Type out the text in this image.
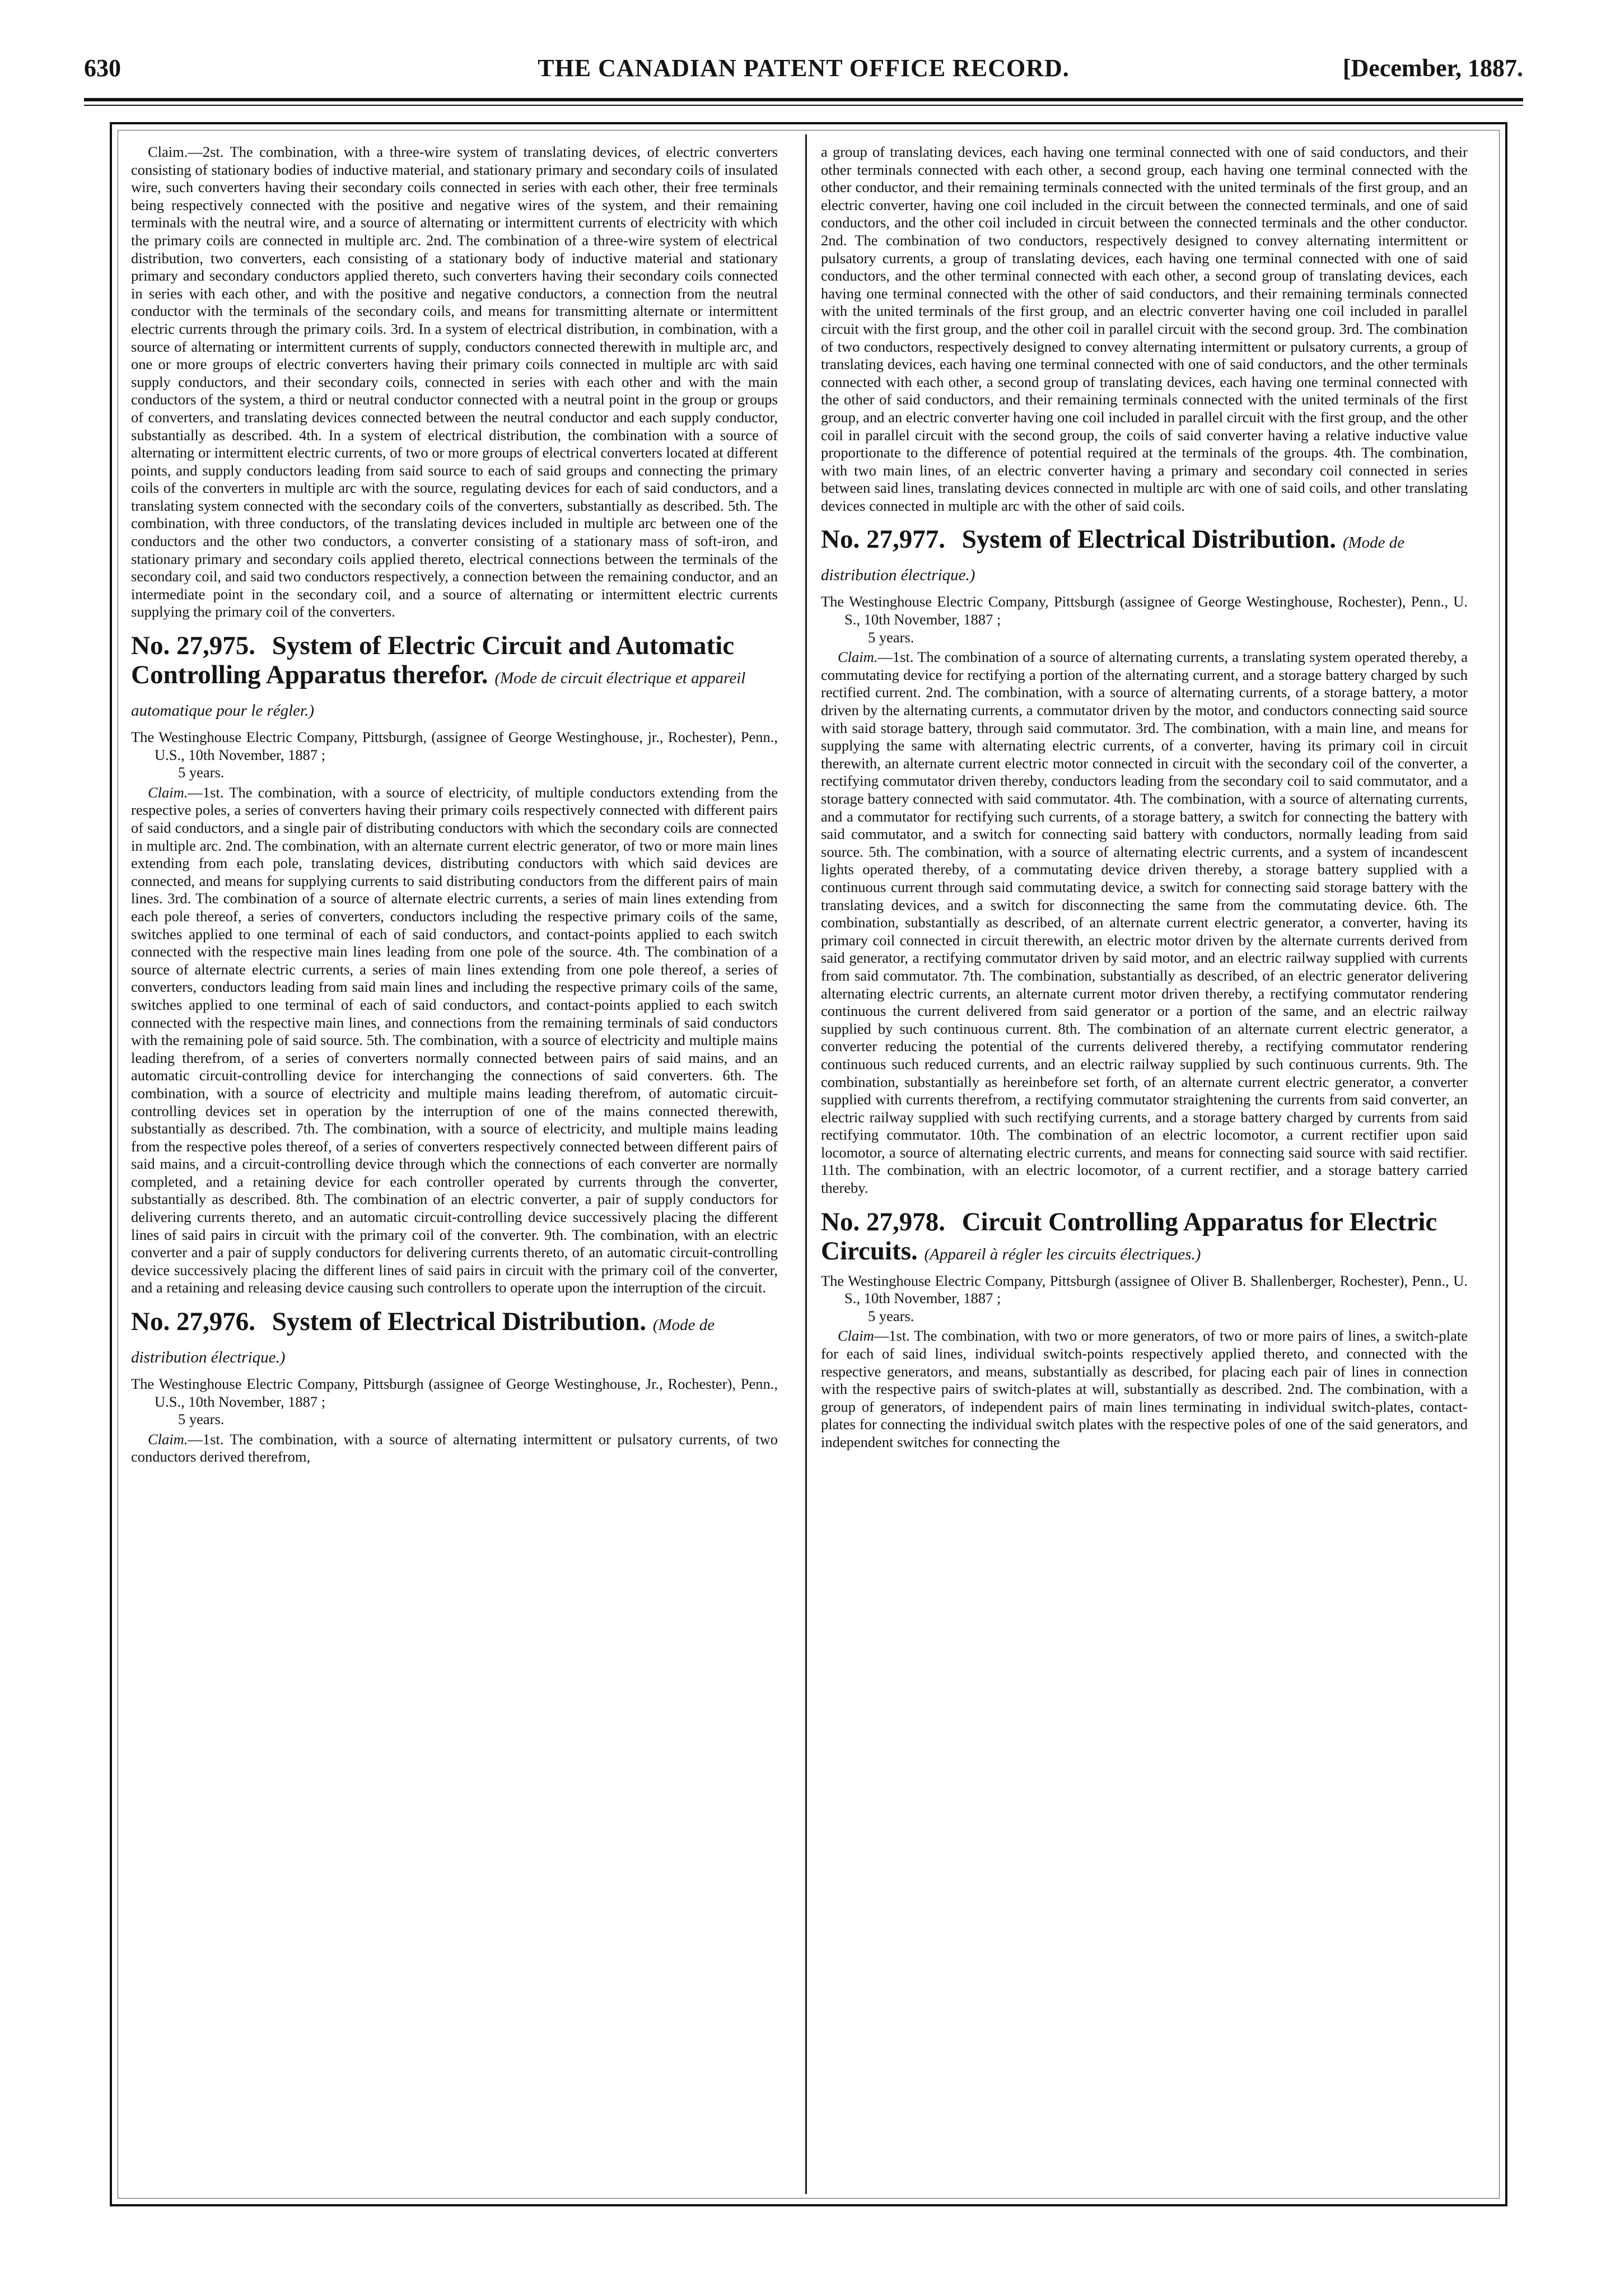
630	THE CANADIAN PATENT OFFICE RECORD.	[December, 1887.

Claim.—2st. The combination, with a three-wire system of translating devices, of electric converters consisting of stationary bodies of inductive material, and stationary primary and secondary coils of insulated wire, such converters having their secondary coils connected in series with each other, their free terminals being respectively connected with the positive and negative wires of the system, and their remaining terminals with the neutral wire, and a source of alternating or intermittent currents of electricity with which the primary coils are connected in multiple arc. 2nd. The combination of a three-wire system of electrical distribution, two converters, each consisting of a stationary body of inductive material and stationary primary and secondary conductors applied thereto, such converters having their secondary coils connected in series with each other, and with the positive and negative conductors, a connection from the neutral conductor with the terminals of the secondary coils, and means for transmitting alternate or intermittent electric currents through the primary coils. 3rd. In a system of electrical distribution, in combination, with a source of alternating or intermittent currents of supply, conductors connected therewith in multiple arc, and one or more groups of electric converters having their primary coils connected in multiple arc with said supply conductors, and their secondary coils, connected in series with each other and with the main conductors of the system, a third or neutral conductor connected with a neutral point in the group or groups of converters, and translating devices connected between the neutral conductor and each supply conductor, substantially as described. 4th. In a system of electrical distribution, the combination with a source of alternating or intermittent electric currents, of two or more groups of electrical converters located at different points, and supply conductors leading from said source to each of said groups and connecting the primary coils of the converters in multiple arc with the source, regulating devices for each of said conductors, and a translating system connected with the secondary coils of the converters, substantially as described. 5th. The combination, with three conductors, of the translating devices included in multiple arc between one of the conductors and the other two conductors, a converter consisting of a stationary mass of soft-iron, and stationary primary and secondary coils applied thereto, electrical connections between the terminals of the secondary coil, and said two conductors respectively, a connection between the remaining conductor, and an intermediate point in the secondary coil, and a source of alternating or intermittent electric currents supplying the primary coil of the converters.

No. 27,975. System of Electric Circuit and Automatic Controlling Apparatus therefor. (Mode de circuit électrique et appareil automatique pour le régler.)
The Westinghouse Electric Company, Pittsburgh, (assignee of George Westinghouse, jr., Rochester), Penn., U.S., 10th November, 1887 ;
5 years.

Claim.—1st. The combination, with a source of electricity, of multiple conductors extending from the respective poles, a series of converters having their primary coils respectively connected with different pairs of said conductors, and a single pair of distributing conductors with which the secondary coils are connected in multiple arc. 2nd. The combination, with an alternate current electric generator, of two or more main lines extending from each pole, translating devices, distributing conductors with which said devices are connected, and means for supplying currents to said distributing conductors from the different pairs of main lines. 3rd. The combination of a source of alternate electric currents, a series of main lines extending from each pole thereof, a series of converters, conductors including the respective primary coils of the same, switches applied to one terminal of each of said conductors, and contact-points applied to each switch connected with the respective main lines leading from one pole of the source. 4th. The combination of a source of alternate electric currents, a series of main lines extending from one pole thereof, a series of converters, conductors leading from said main lines and including the respective primary coils of the same, switches applied to one terminal of each of said conductors, and contact-points applied to each switch connected with the respective main lines, and connections from the remaining terminals of said conductors with the remaining pole of said source. 5th. The combination, with a source of electricity and multiple mains leading therefrom, of a series of converters normally connected between pairs of said mains, and an automatic circuit-controlling device for interchanging the connections of said converters. 6th. The combination, with a source of electricity and multiple mains leading therefrom, of automatic circuit-controlling devices set in operation by the interruption of one of the mains connected therewith, substantially as described. 7th. The combination, with a source of electricity, and multiple mains leading from the respective poles thereof, of a series of converters respectively connected between different pairs of said mains, and a circuit-controlling device through which the connections of each converter are normally completed, and a retaining device for each controller operated by currents through the converter, substantially as described. 8th. The combination of an electric converter, a pair of supply conductors for delivering currents thereto, and an automatic circuit-controlling device successively placing the different lines of said pairs in circuit with the primary coil of the converter. 9th. The combination, with an electric converter and a pair of supply conductors for delivering currents thereto, of an automatic circuit-controlling device successively placing the different lines of said pairs in circuit with the primary coil of the converter, and a retaining and releasing device causing such controllers to operate upon the interruption of the circuit.

No. 27,976. System of Electrical Distribution. (Mode de distribution électrique.)
The Westinghouse Electric Company, Pittsburgh (assignee of George Westinghouse, Jr., Rochester), Penn., U.S., 10th November, 1887 ;
5 years.

Claim.—1st. The combination, with a source of alternating intermittent or pulsatory currents, of two conductors derived therefrom,

a group of translating devices, each having one terminal connected with one of said conductors, and their other terminals connected with each other, a second group, each having one terminal connected with the other conductor, and their remaining terminals connected with the united terminals of the first group, and an electric converter, having one coil included in the circuit between the connected terminals, and one of said conductors, and the other coil included in circuit between the connected terminals and the other conductor. 2nd. The combination of two conductors, respectively designed to convey alternating intermittent or pulsatory currents, a group of translating devices, each having one terminal connected with one of said conductors, and the other terminal connected with each other, a second group of translating devices, each having one terminal connected with the other of said conductors, and their remaining terminals connected with the united terminals of the first group, and an electric converter having one coil included in parallel circuit with the first group, and the other coil in parallel circuit with the second group. 3rd. The combination of two conductors, respectively designed to convey alternating intermittent or pulsatory currents, a group of translating devices, each having one terminal connected with one of said conductors, and the other terminals connected with each other, a second group of translating devices, each having one terminal connected with the other of said conductors, and their remaining terminals connected with the united terminals of the first group, and an electric converter having one coil included in parallel circuit with the first group, and the other coil in parallel circuit with the second group, the coils of said converter having a relative inductive value proportionate to the difference of potential required at the terminals of the groups. 4th. The combination, with two main lines, of an electric converter having a primary and secondary coil connected in series between said lines, translating devices connected in multiple arc with one of said coils, and other translating devices connected in multiple arc with the other of said coils.

No. 27,977. System of Electrical Distribution. (Mode de distribution électrique.)
The Westinghouse Electric Company, Pittsburgh (assignee of George Westinghouse, Rochester), Penn., U. S., 10th November, 1887 ;
5 years.

Claim.—1st. The combination of a source of alternating currents, a translating system operated thereby, a commutating device for rectifying a portion of the alternating current, and a storage battery charged by such rectified current. 2nd. The combination, with a source of alternating currents, of a storage battery, a motor driven by the alternating currents, a commutator driven by the motor, and conductors connecting said source with said storage battery, through said commutator. 3rd. The combination, with a main line, and means for supplying the same with alternating electric currents, of a converter, having its primary coil in circuit therewith, an alternate current electric motor connected in circuit with the secondary coil of the converter, a rectifying commutator driven thereby, conductors leading from the secondary coil to said commutator, and a storage battery connected with said commutator. 4th. The combination, with a source of alternating currents, and a commutator for rectifying such currents, of a storage battery, a switch for connecting the battery with said commutator, and a switch for connecting said battery with conductors, normally leading from said source. 5th. The combination, with a source of alternating electric currents, and a system of incandescent lights operated thereby, of a commutating device driven thereby, a storage battery supplied with a continuous current through said commutating device, a switch for connecting said storage battery with the translating devices, and a switch for disconnecting the same from the commutating device. 6th. The combination, substantially as described, of an alternate current electric generator, a converter, having its primary coil connected in circuit therewith, an electric motor driven by the alternate currents derived from said generator, a rectifying commutator driven by said motor, and an electric railway supplied with currents from said commutator. 7th. The combination, substantially as described, of an electric generator delivering alternating electric currents, an alternate current motor driven thereby, a rectifying commutator rendering continuous the current delivered from said generator or a portion of the same, and an electric railway supplied by such continuous current. 8th. The combination of an alternate current electric generator, a converter reducing the potential of the currents delivered thereby, a rectifying commutator rendering continuous such reduced currents, and an electric railway supplied by such continuous currents. 9th. The combination, substantially as hereinbefore set forth, of an alternate current electric generator, a converter supplied with currents therefrom, a rectifying commutator straightening the currents from said converter, an electric railway supplied with such rectifying currents, and a storage battery charged by currents from said rectifying commutator. 10th. The combination of an electric locomotor, a current rectifier upon said locomotor, a source of alternating electric currents, and means for connecting said source with said rectifier. 11th. The combination, with an electric locomotor, of a current rectifier, and a storage battery carried thereby.

No. 27,978. Circuit Controlling Apparatus for Electric Circuits. (Appareil à régler les circuits électriques.)
The Westinghouse Electric Company, Pittsburgh (assignee of Oliver B. Shallenberger, Rochester), Penn., U. S., 10th November, 1887 ;
5 years.

Claim—1st. The combination, with two or more generators, of two or more pairs of lines, a switch-plate for each of said lines, individual switch-points respectively applied thereto, and connected with the respective generators, and means, substantially as described, for placing each pair of lines in connection with the respective pairs of switch-plates at will, substantially as described. 2nd. The combination, with a group of generators, of independent pairs of main lines terminating in individual switch-plates, contact-plates for connecting the individual switch plates with the respective poles of one of the said generators, and independent switches for connecting the
